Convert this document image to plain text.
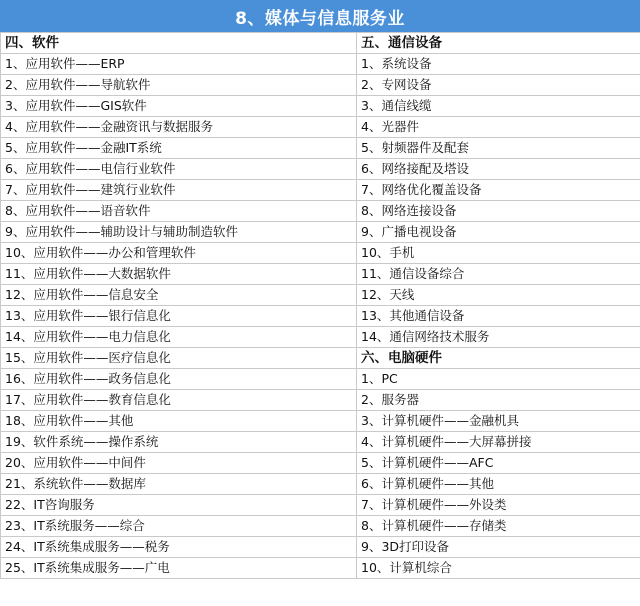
8、媒体与信息服务业
四、软件	五、通信设备
1、应用软件——ERP	1、系统设备
2、应用软件——导航软件	2、专网设备
3、应用软件——GIS软件	3、通信线缆
4、应用软件——金融资讯与数据服务	4、光器件
5、应用软件——金融IT系统	5、射频器件及配套
6、应用软件——电信行业软件	6、网络接配及塔设
7、应用软件——建筑行业软件	7、网络优化覆盖设备
8、应用软件——语音软件	8、网络连接设备
9、应用软件——辅助设计与辅助制造软件	9、广播电视设备
10、应用软件——办公和管理软件	10、手机
11、应用软件——大数据软件	11、通信设备综合
12、应用软件——信息安全	12、天线
13、应用软件——银行信息化	13、其他通信设备
14、应用软件——电力信息化	14、通信网络技术服务
15、应用软件——医疗信息化	六、电脑硬件
16、应用软件——政务信息化	1、PC
17、应用软件——教育信息化	2、服务器
18、应用软件——其他	3、计算机硬件——金融机具
19、软件系统——操作系统	4、计算机硬件——大屏幕拼接
20、应用软件——中间件	5、计算机硬件——AFC
21、系统软件——数据库	6、计算机硬件——其他
22、IT咨询服务	7、计算机硬件——外设类
23、IT系统服务——综合	8、计算机硬件——存储类
24、IT系统集成服务——税务	9、3D打印设备
25、IT系统集成服务——广电	10、计算机综合
